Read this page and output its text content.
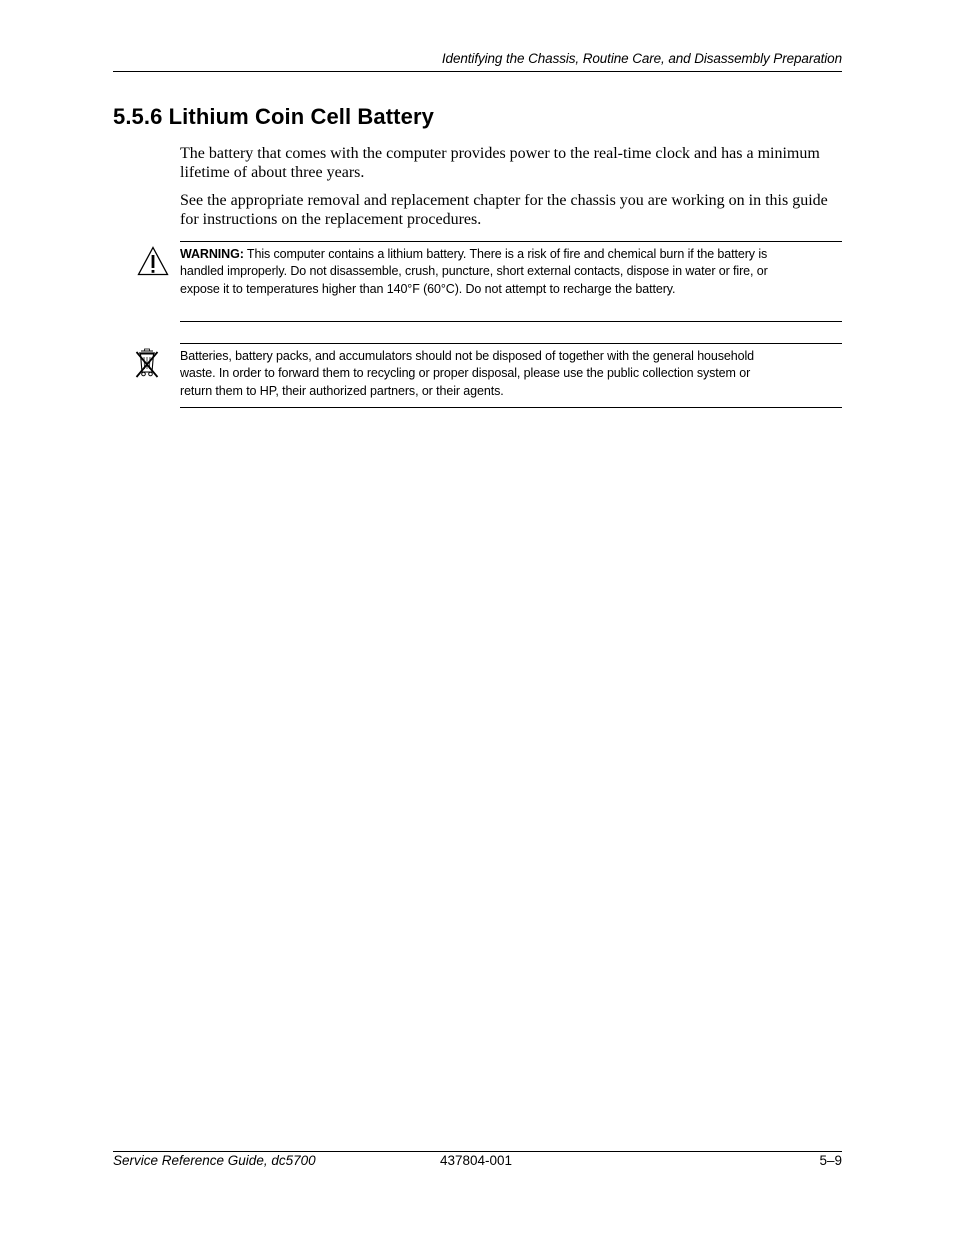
Identifying the Chassis, Routine Care, and Disassembly Preparation
5.5.6 Lithium Coin Cell Battery

The battery that comes with the computer provides power to the real-time clock and has a minimum lifetime of about three years.

See the appropriate removal and replacement chapter for the chassis you are working on in this guide for instructions on the replacement procedures.

WARNING: This computer contains a lithium battery. There is a risk of fire and chemical burn if the battery is handled improperly. Do not disassemble, crush, puncture, short external contacts, dispose in water or fire, or expose it to temperatures higher than 140°F (60°C). Do not attempt to recharge the battery.

Batteries, battery packs, and accumulators should not be disposed of together with the general household waste. In order to forward them to recycling or proper disposal, please use the public collection system or return them to HP, their authorized partners, or their agents.

Service Reference Guide, dc5700	437804-001	5–9
